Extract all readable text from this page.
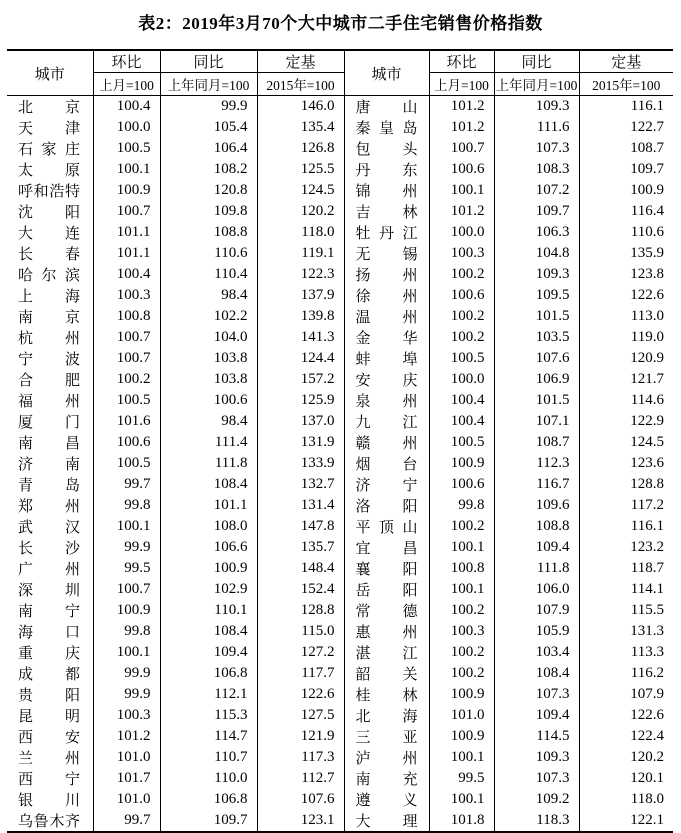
表2：2019年3月70个大中城市二手住宅销售价格指数
城市	环比	同比	定基	城市	环比	同比	定基
	上月=100	上年同月=100	2015年=100		上月=100	上年同月=100	2015年=100

北京	100.4	99.9	146.0	唐山	101.2	109.3	116.1

天津	100.0	105.4	135.4	秦皇岛	101.2	111.6	122.7

石家庄	100.5	106.4	126.8	包头	100.7	107.3	108.7

太原	100.1	108.2	125.5	丹东	100.6	108.3	109.7

呼和浩特	100.9	120.8	124.5	锦州	100.1	107.2	100.9

沈阳	100.7	109.8	120.2	吉林	101.2	109.7	116.4

大连	101.1	108.8	118.0	牡丹江	100.0	106.3	110.6

长春	101.1	110.6	119.1	无锡	100.3	104.8	135.9

哈尔滨	100.4	110.4	122.3	扬州	100.2	109.3	123.8

上海	100.3	98.4	137.9	徐州	100.6	109.5	122.6

南京	100.8	102.2	139.8	温州	100.2	101.5	113.0

杭州	100.7	104.0	141.3	金华	100.2	103.5	119.0

宁波	100.7	103.8	124.4	蚌埠	100.5	107.6	120.9

合肥	100.2	103.8	157.2	安庆	100.0	106.9	121.7

福州	100.5	100.6	125.9	泉州	100.4	101.5	114.6

厦门	101.6	98.4	137.0	九江	100.4	107.1	122.9

南昌	100.6	111.4	131.9	赣州	100.5	108.7	124.5

济南	100.5	111.8	133.9	烟台	100.9	112.3	123.6

青岛	99.7	108.4	132.7	济宁	100.6	116.7	128.8

郑州	99.8	101.1	131.4	洛阳	99.8	109.6	117.2

武汉	100.1	108.0	147.8	平顶山	100.2	108.8	116.1

长沙	99.9	106.6	135.7	宜昌	100.1	109.4	123.2

广州	99.5	100.9	148.4	襄阳	100.8	111.8	118.7

深圳	100.7	102.9	152.4	岳阳	100.1	106.0	114.1

南宁	100.9	110.1	128.8	常德	100.2	107.9	115.5

海口	99.8	108.4	115.0	惠州	100.3	105.9	131.3

重庆	100.1	109.4	127.2	湛江	100.2	103.4	113.3

成都	99.9	106.8	117.7	韶关	100.2	108.4	116.2

贵阳	99.9	112.1	122.6	桂林	100.9	107.3	107.9

昆明	100.3	115.3	127.5	北海	101.0	109.4	122.6

西安	101.2	114.7	121.9	三亚	100.9	114.5	122.4

兰州	101.0	110.7	117.3	泸州	100.1	109.3	120.2

西宁	101.7	110.0	112.7	南充	99.5	107.3	120.1

银川	101.0	106.8	107.6	遵义	100.1	109.2	118.0

乌鲁木齐	99.7	109.7	123.1	大理	101.8	118.3	122.1
